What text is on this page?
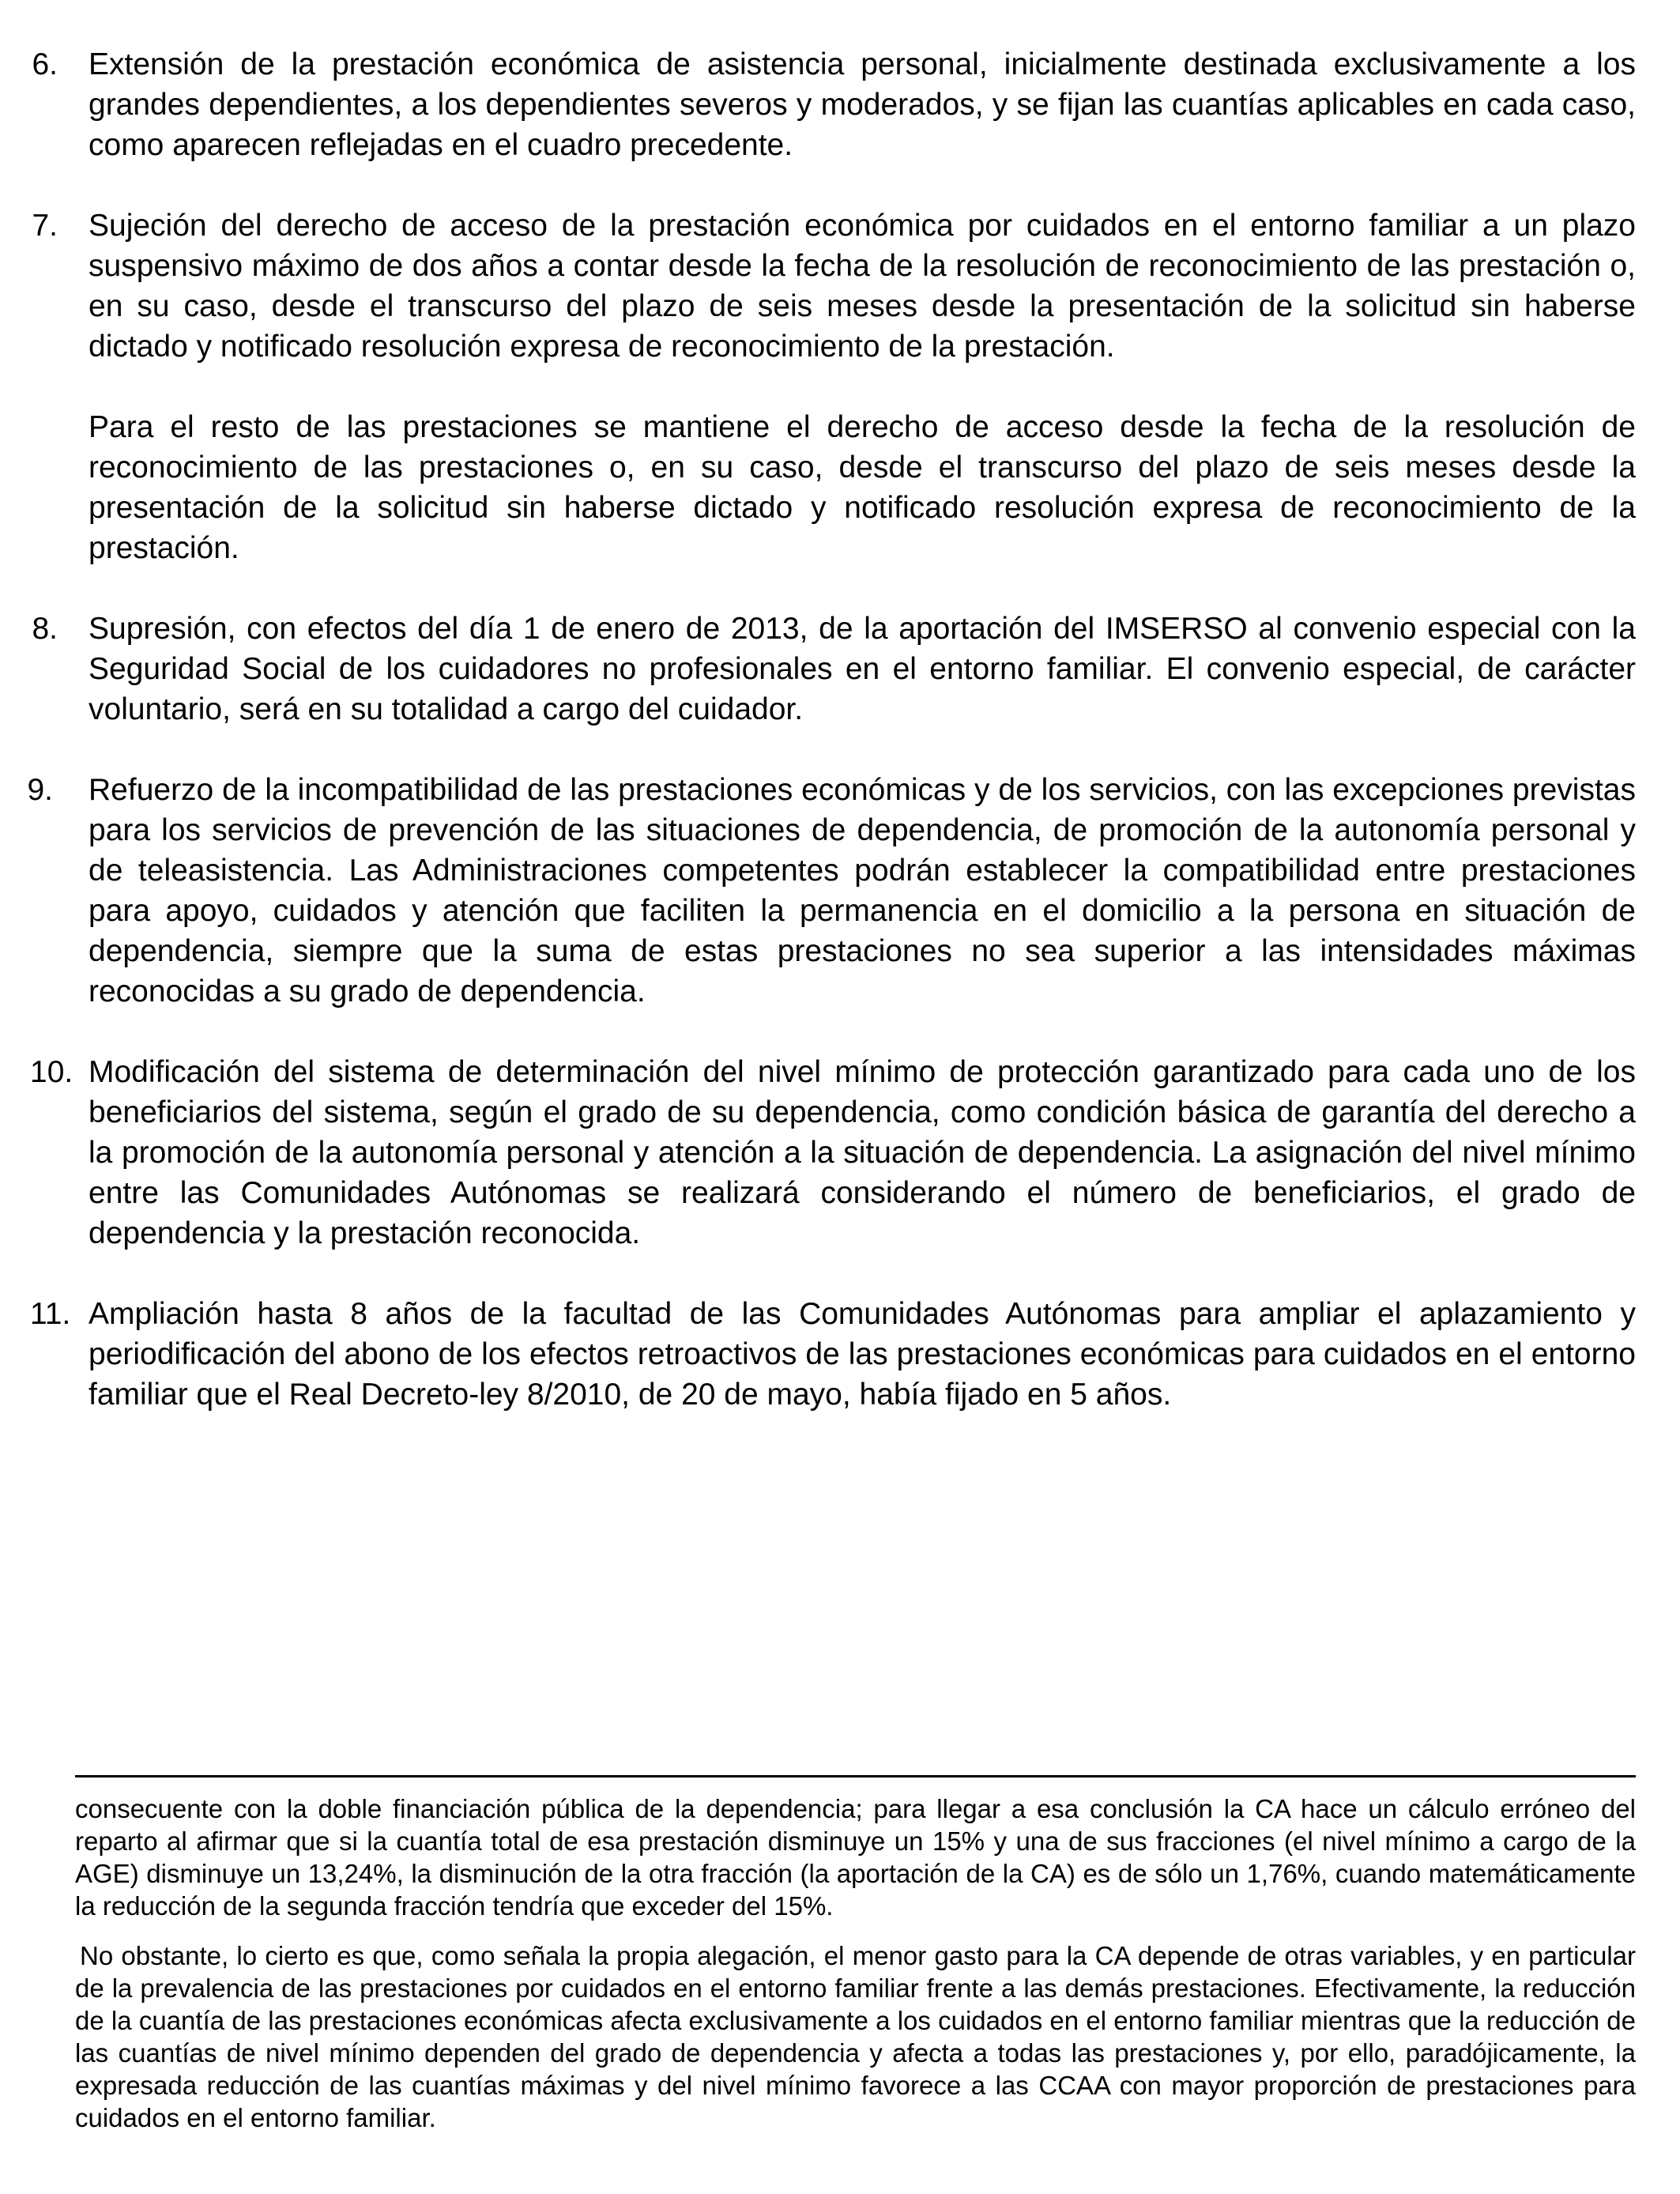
6. Extensión de la prestación económica de asistencia personal, inicialmente destinada exclusivamente a los grandes dependientes, a los dependientes severos y moderados, y se fijan las cuantías aplicables en cada caso, como aparecen reflejadas en el cuadro precedente.

7. Sujeción del derecho de acceso de la prestación económica por cuidados en el entorno familiar a un plazo suspensivo máximo de dos años a contar desde la fecha de la resolución de reconocimiento de las prestación o, en su caso, desde el transcurso del plazo de seis meses desde la presentación de la solicitud sin haberse dictado y notificado resolución expresa de reconocimiento de la prestación.

Para el resto de las prestaciones se mantiene el derecho de acceso desde la fecha de la resolución de reconocimiento de las prestaciones o, en su caso, desde el transcurso del plazo de seis meses desde la presentación de la solicitud sin haberse dictado y notificado resolución expresa de reconocimiento de la prestación.

8. Supresión, con efectos del día 1 de enero de 2013, de la aportación del IMSERSO al convenio especial con la Seguridad Social de los cuidadores no profesionales en el entorno familiar. El convenio especial, de carácter voluntario, será en su totalidad a cargo del cuidador.

9. Refuerzo de la incompatibilidad de las prestaciones económicas y de los servicios, con las excepciones previstas para los servicios de prevención de las situaciones de dependencia, de promoción de la autonomía personal y de teleasistencia. Las Administraciones competentes podrán establecer la compatibilidad entre prestaciones para apoyo, cuidados y atención que faciliten la permanencia en el domicilio a la persona en situación de dependencia, siempre que la suma de estas prestaciones no sea superior a las intensidades máximas reconocidas a su grado de dependencia.

10. Modificación del sistema de determinación del nivel mínimo de protección garantizado para cada uno de los beneficiarios del sistema, según el grado de su dependencia, como condición básica de garantía del derecho a la promoción de la autonomía personal y atención a la situación de dependencia. La asignación del nivel mínimo entre las Comunidades Autónomas se realizará considerando el número de beneficiarios, el grado de dependencia y la prestación reconocida.

11. Ampliación hasta 8 años de la facultad de las Comunidades Autónomas para ampliar el aplazamiento y periodificación del abono de los efectos retroactivos de las prestaciones económicas para cuidados en el entorno familiar que el Real Decreto-ley 8/2010, de 20 de mayo, había fijado en 5 años.

consecuente con la doble financiación pública de la dependencia; para llegar a esa conclusión la CA hace un cálculo erróneo del reparto al afirmar que si la cuantía total de esa prestación disminuye un 15% y una de sus fracciones (el nivel mínimo a cargo de la AGE) disminuye un 13,24%, la disminución de la otra fracción (la aportación de la CA) es de sólo un 1,76%, cuando matemáticamente la reducción de la segunda fracción tendría que exceder del 15%.

No obstante, lo cierto es que, como señala la propia alegación, el menor gasto para la CA depende de otras variables, y en particular de la prevalencia de las prestaciones por cuidados en el entorno familiar frente a las demás prestaciones. Efectivamente, la reducción de la cuantía de las prestaciones económicas afecta exclusivamente a los cuidados en el entorno familiar mientras que la reducción de las cuantías de nivel mínimo dependen del grado de dependencia y afecta a todas las prestaciones y, por ello, paradójicamente, la expresada reducción de las cuantías máximas y del nivel mínimo favorece a las CCAA con mayor proporción de prestaciones para cuidados en el entorno familiar.
